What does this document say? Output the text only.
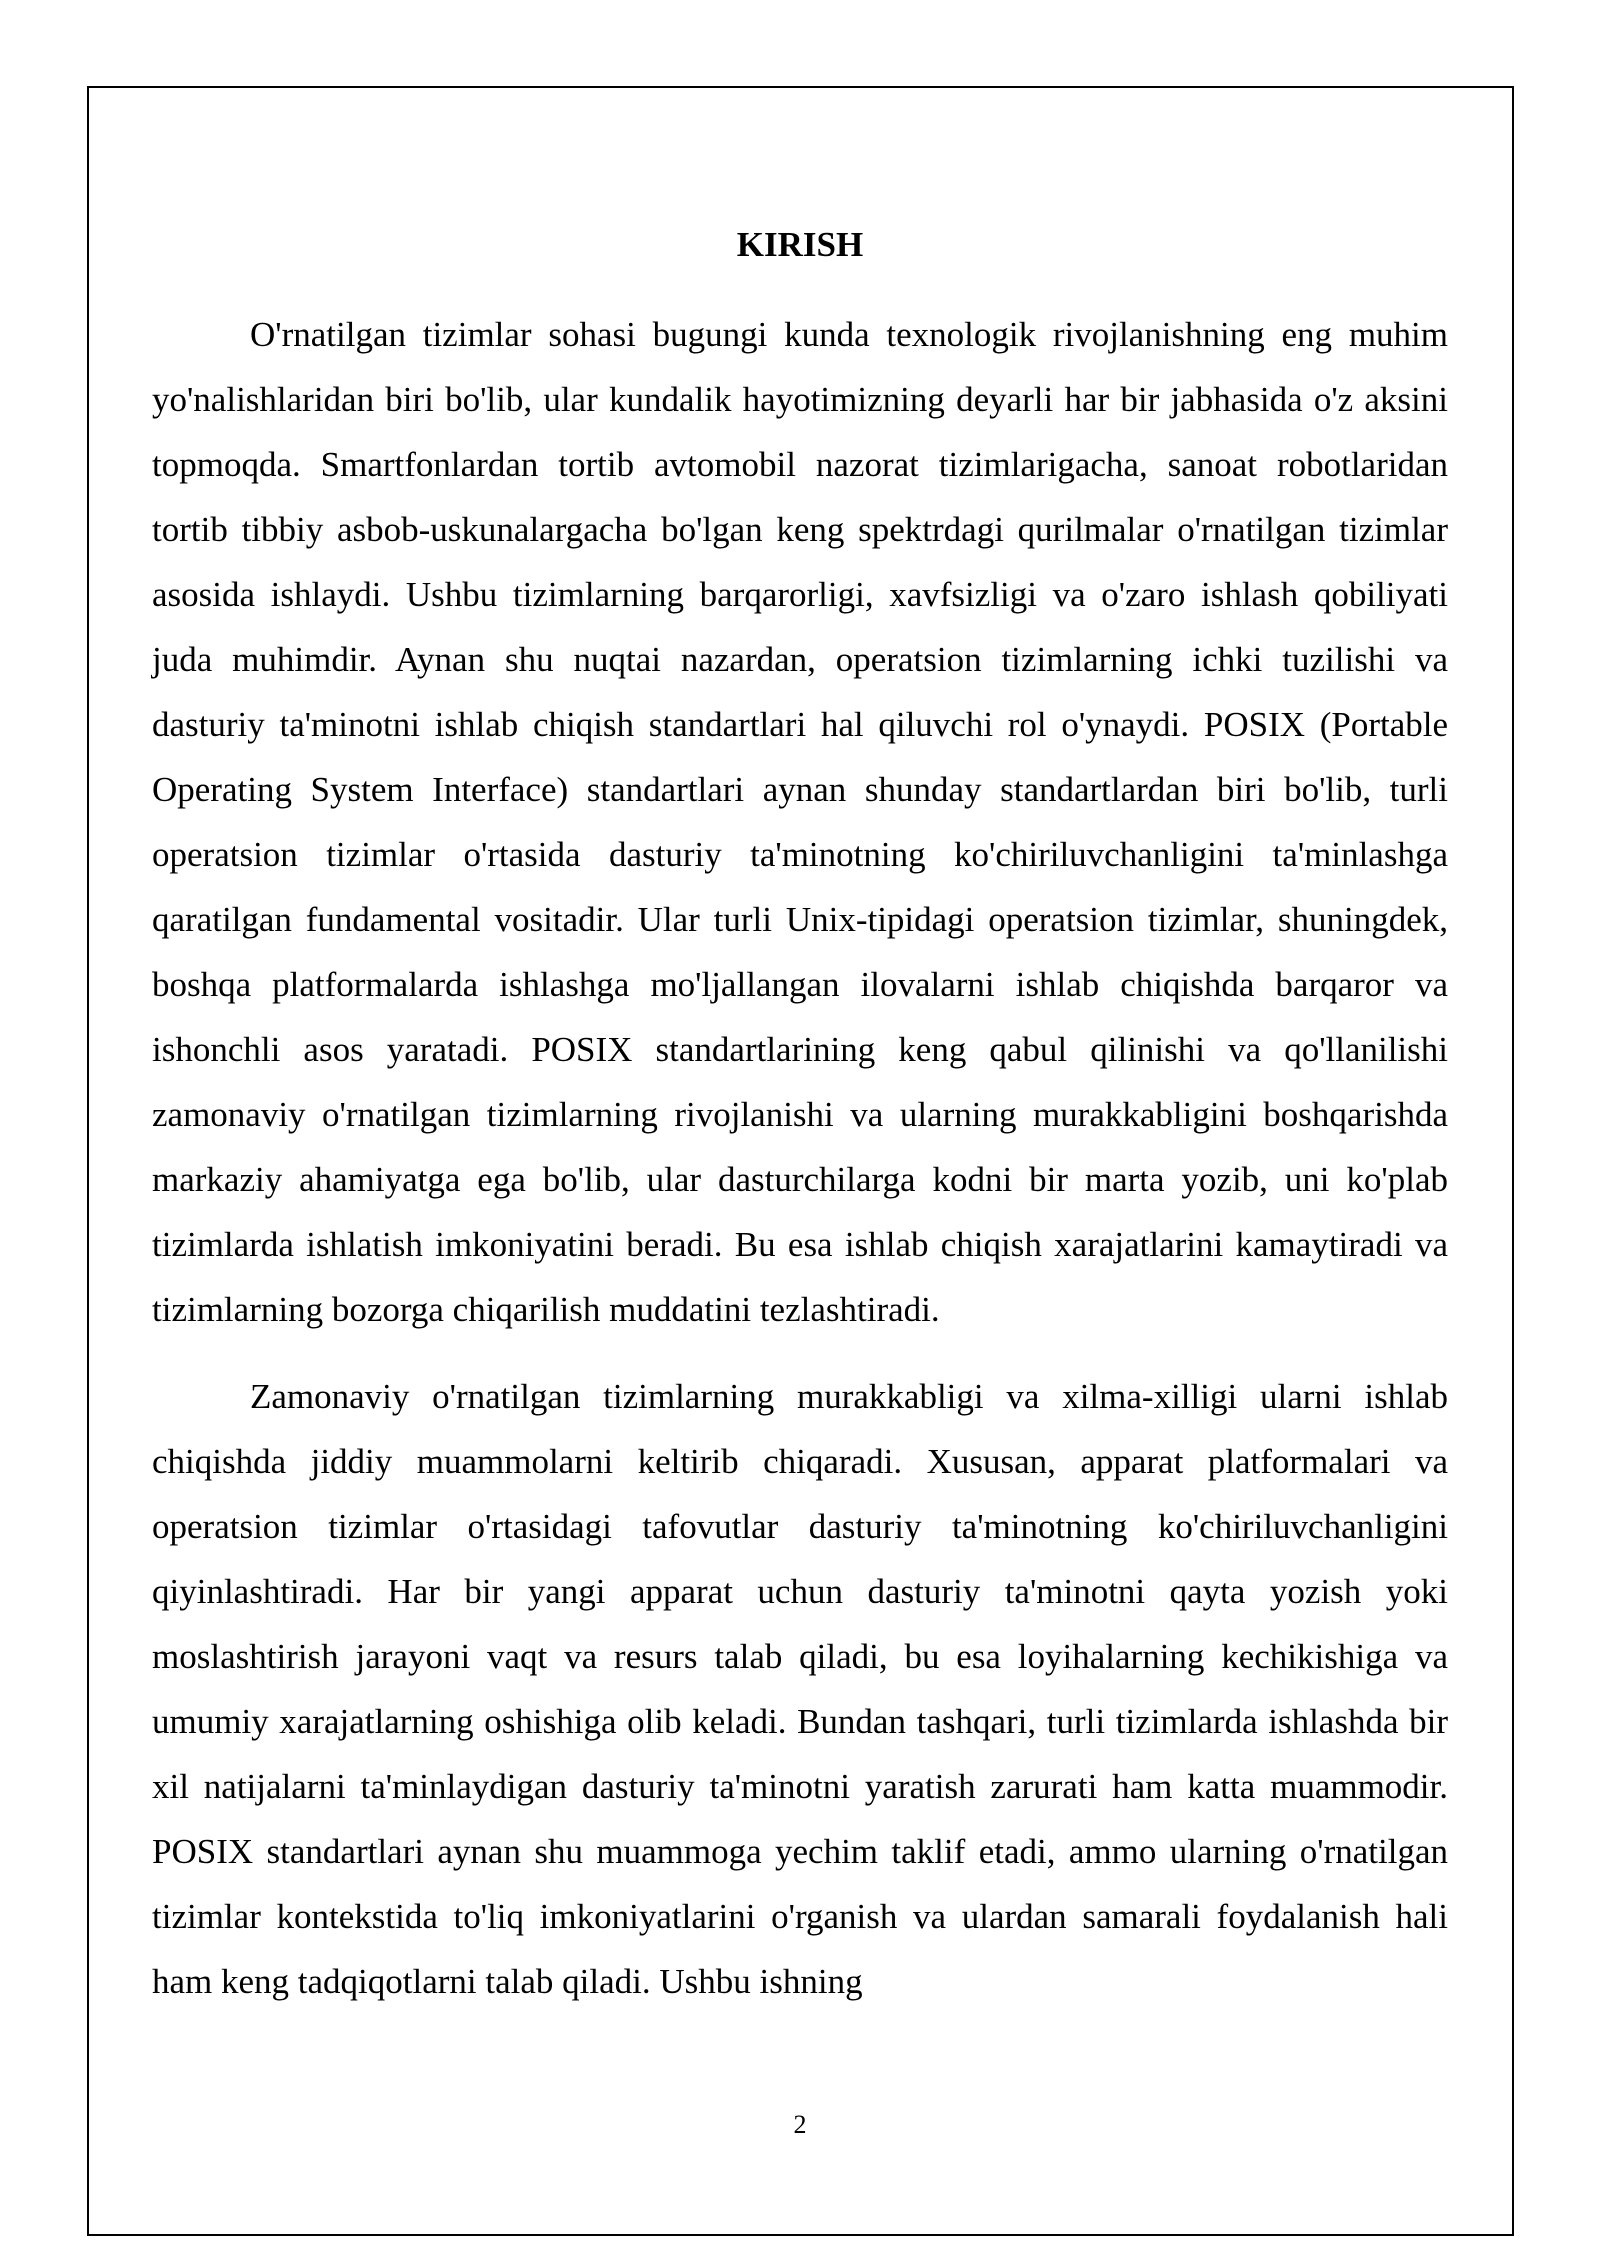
KIRISH

O'rnatilgan tizimlar sohasi bugungi kunda texnologik rivojlanishning eng muhim yo'nalishlaridan biri bo'lib, ular kundalik hayotimizning deyarli har bir jabhasida o'z aksini topmoqda. Smartfonlardan tortib avtomobil nazorat tizimlarigacha, sanoat robotlaridan tortib tibbiy asbob-uskunalargacha bo'lgan keng spektrdagi qurilmalar o'rnatilgan tizimlar asosida ishlaydi. Ushbu tizimlarning barqarorligi, xavfsizligi va o'zaro ishlash qobiliyati juda muhimdir. Aynan shu nuqtai nazardan, operatsion tizimlarning ichki tuzilishi va dasturiy ta'minotni ishlab chiqish standartlari hal qiluvchi rol o'ynaydi. POSIX (Portable Operating System Interface) standartlari aynan shunday standartlardan biri bo'lib, turli operatsion tizimlar o'rtasida dasturiy ta'minotning ko'chiriluvchanligini ta'minlashga qaratilgan fundamental vositadir. Ular turli Unix-tipidagi operatsion tizimlar, shuningdek, boshqa platformalarda ishlashga mo'ljallangan ilovalarni ishlab chiqishda barqaror va ishonchli asos yaratadi. POSIX standartlarining keng qabul qilinishi va qo'llanilishi zamonaviy o'rnatilgan tizimlarning rivojlanishi va ularning murakkabligini boshqarishda markaziy ahamiyatga ega bo'lib, ular dasturchilarga kodni bir marta yozib, uni ko'plab tizimlarda ishlatish imkoniyatini beradi. Bu esa ishlab chiqish xarajatlarini kamaytiradi va tizimlarning bozorga chiqarilish muddatini tezlashtiradi.

Zamonaviy o'rnatilgan tizimlarning murakkabligi va xilma-xilligi ularni ishlab chiqishda jiddiy muammolarni keltirib chiqaradi. Xususan, apparat platformalari va operatsion tizimlar o'rtasidagi tafovutlar dasturiy ta'minotning ko'chiriluvchanligini qiyinlashtiradi. Har bir yangi apparat uchun dasturiy ta'minotni qayta yozish yoki moslashtirish jarayoni vaqt va resurs talab qiladi, bu esa loyihalarning kechikishiga va umumiy xarajatlarning oshishiga olib keladi. Bundan tashqari, turli tizimlarda ishlashda bir xil natijalarni ta'minlaydigan dasturiy ta'minotni yaratish zarurati ham katta muammodir. POSIX standartlari aynan shu muammoga yechim taklif etadi, ammo ularning o'rnatilgan tizimlar kontekstida to'liq imkoniyatlarini o'rganish va ulardan samarali foydalanish hali ham keng tadqiqotlarni talab qiladi. Ushbu ishning

2
